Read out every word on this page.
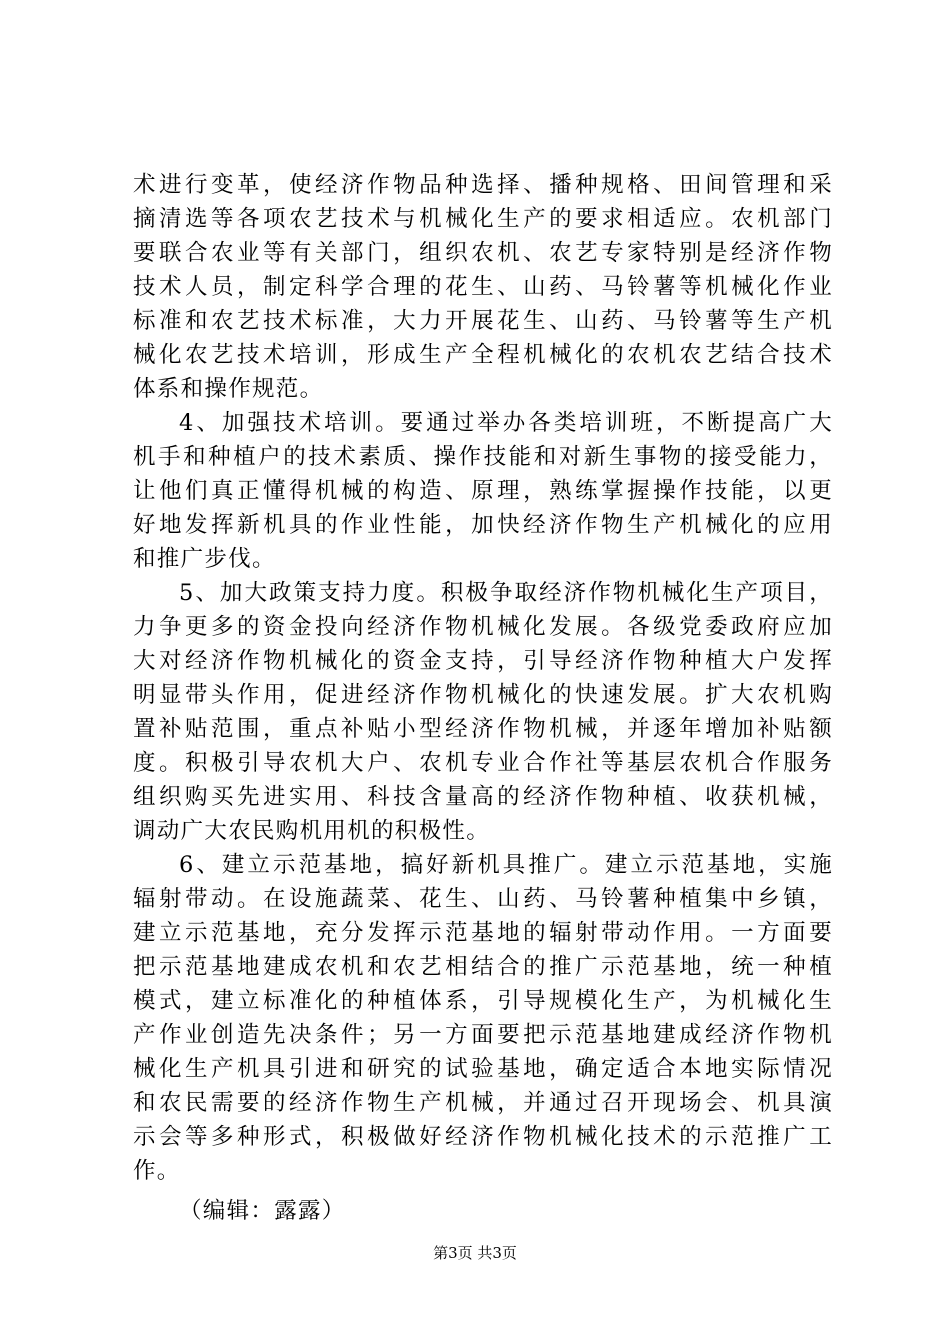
术进行变革，使经济作物品种选择、播种规格、田间管理和采
摘清选等各项农艺技术与机械化生产的要求相适应。农机部门
要联合农业等有关部门，组织农机、农艺专家特别是经济作物
技术人员，制定科学合理的花生、山药、马铃薯等机械化作业
标准和农艺技术标准，大力开展花生、山药、马铃薯等生产机
械化农艺技术培训，形成生产全程机械化的农机农艺结合技术
体系和操作规范。
4、加强技术培训。要通过举办各类培训班，不断提高广大
机手和种植户的技术素质、操作技能和对新生事物的接受能力，
让他们真正懂得机械的构造、原理，熟练掌握操作技能，以更
好地发挥新机具的作业性能，加快经济作物生产机械化的应用
和推广步伐。
5、加大政策支持力度。积极争取经济作物机械化生产项目，
力争更多的资金投向经济作物机械化发展。各级党委政府应加
大对经济作物机械化的资金支持，引导经济作物种植大户发挥
明显带头作用，促进经济作物机械化的快速发展。扩大农机购
置补贴范围，重点补贴小型经济作物机械，并逐年增加补贴额
度。积极引导农机大户、农机专业合作社等基层农机合作服务
组织购买先进实用、科技含量高的经济作物种植、收获机械，
调动广大农民购机用机的积极性。
6、建立示范基地，搞好新机具推广。建立示范基地，实施
辐射带动。在设施蔬菜、花生、山药、马铃薯种植集中乡镇，
建立示范基地，充分发挥示范基地的辐射带动作用。一方面要
把示范基地建成农机和农艺相结合的推广示范基地，统一种植
模式，建立标准化的种植体系，引导规模化生产，为机械化生
产作业创造先决条件；另一方面要把示范基地建成经济作物机
械化生产机具引进和研究的试验基地，确定适合本地实际情况
和农民需要的经济作物生产机械，并通过召开现场会、机具演
示会等多种形式，积极做好经济作物机械化技术的示范推广工
作。
（编辑：露露）
第3页 共3页
